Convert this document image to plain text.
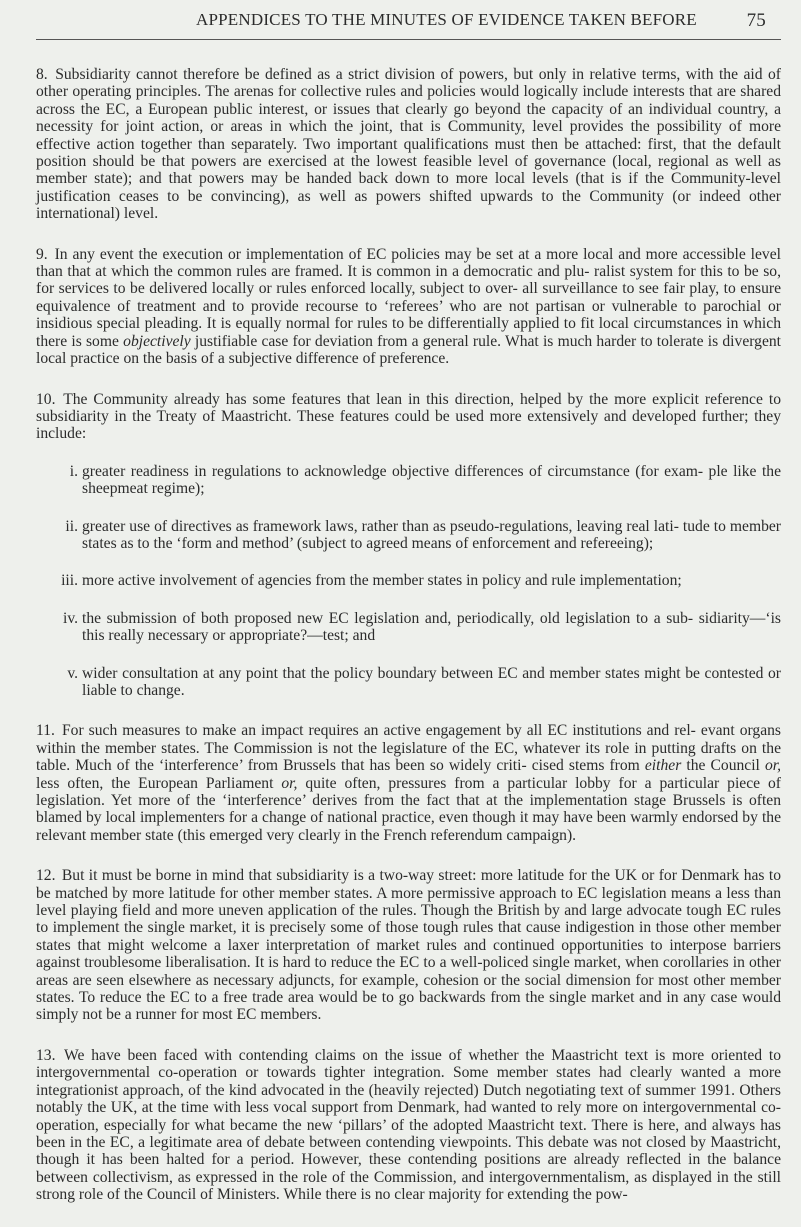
APPENDICES TO THE MINUTES OF EVIDENCE TAKEN BEFORE	75

8. Subsidiarity cannot therefore be defined as a strict division of powers, but only in relative terms, with the aid of other operating principles. The arenas for collective rules and policies would logically include interests that are shared across the EC, a European public interest, or issues that clearly go beyond the capacity of an individual country, a necessity for joint action, or areas in which the joint, that is Community, level provides the possibility of more effective action together than separately. Two important qualifications must then be attached: first, that the default position should be that powers are exercised at the lowest feasible level of governance (local, regional as well as member state); and that powers may be handed back down to more local levels (that is if the Community-level justification ceases to be convincing), as well as powers shifted upwards to the Community (or indeed other international) level.

9. In any event the execution or implementation of EC policies may be set at a more local and more accessible level than that at which the common rules are framed. It is common in a democratic and plu- ralist system for this to be so, for services to be delivered locally or rules enforced locally, subject to over- all surveillance to see fair play, to ensure equivalence of treatment and to provide recourse to ‘referees’ who are not partisan or vulnerable to parochial or insidious special pleading. It is equally normal for rules to be differentially applied to fit local circumstances in which there is some objectively justifiable case for deviation from a general rule. What is much harder to tolerate is divergent local practice on the basis of a subjective difference of preference.

10. The Community already has some features that lean in this direction, helped by the more explicit reference to subsidiarity in the Treaty of Maastricht. These features could be used more extensively and developed further; they include:

i. greater readiness in regulations to acknowledge objective differences of circumstance (for exam- ple like the sheepmeat regime);
ii. greater use of directives as framework laws, rather than as pseudo-regulations, leaving real lati- tude to member states as to the ‘form and method’ (subject to agreed means of enforcement and refereeing);
iii. more active involvement of agencies from the member states in policy and rule implementation;
iv. the submission of both proposed new EC legislation and, periodically, old legislation to a sub- sidiarity—‘is this really necessary or appropriate?—test; and
v. wider consultation at any point that the policy boundary between EC and member states might be contested or liable to change.

11. For such measures to make an impact requires an active engagement by all EC institutions and rel- evant organs within the member states. The Commission is not the legislature of the EC, whatever its role in putting drafts on the table. Much of the ‘interference’ from Brussels that has been so widely criti- cised stems from either the Council or, less often, the European Parliament or, quite often, pressures from a particular lobby for a particular piece of legislation. Yet more of the ‘interference’ derives from the fact that at the implementation stage Brussels is often blamed by local implementers for a change of national practice, even though it may have been warmly endorsed by the relevant member state (this emerged very clearly in the French referendum campaign).

12. But it must be borne in mind that subsidiarity is a two-way street: more latitude for the UK or for Denmark has to be matched by more latitude for other member states. A more permissive approach to EC legislation means a less than level playing field and more uneven application of the rules. Though the British by and large advocate tough EC rules to implement the single market, it is precisely some of those tough rules that cause indigestion in those other member states that might welcome a laxer interpretation of market rules and continued opportunities to interpose barriers against troublesome liberalisation. It is hard to reduce the EC to a well-policed single market, when corollaries in other areas are seen elsewhere as necessary adjuncts, for example, cohesion or the social dimension for most other member states. To reduce the EC to a free trade area would be to go backwards from the single market and in any case would simply not be a runner for most EC members.

13. We have been faced with contending claims on the issue of whether the Maastricht text is more oriented to intergovernmental co-operation or towards tighter integration. Some member states had clearly wanted a more integrationist approach, of the kind advocated in the (heavily rejected) Dutch negotiating text of summer 1991. Others notably the UK, at the time with less vocal support from Denmark, had wanted to rely more on intergovernmental co-operation, especially for what became the new ‘pillars’ of the adopted Maastricht text. There is here, and always has been in the EC, a legitimate area of debate between contending viewpoints. This debate was not closed by Maastricht, though it has been halted for a period. However, these contending positions are already reflected in the balance between collectivism, as expressed in the role of the Commission, and intergovernmentalism, as displayed in the still strong role of the Council of Ministers. While there is no clear majority for extending the pow-
